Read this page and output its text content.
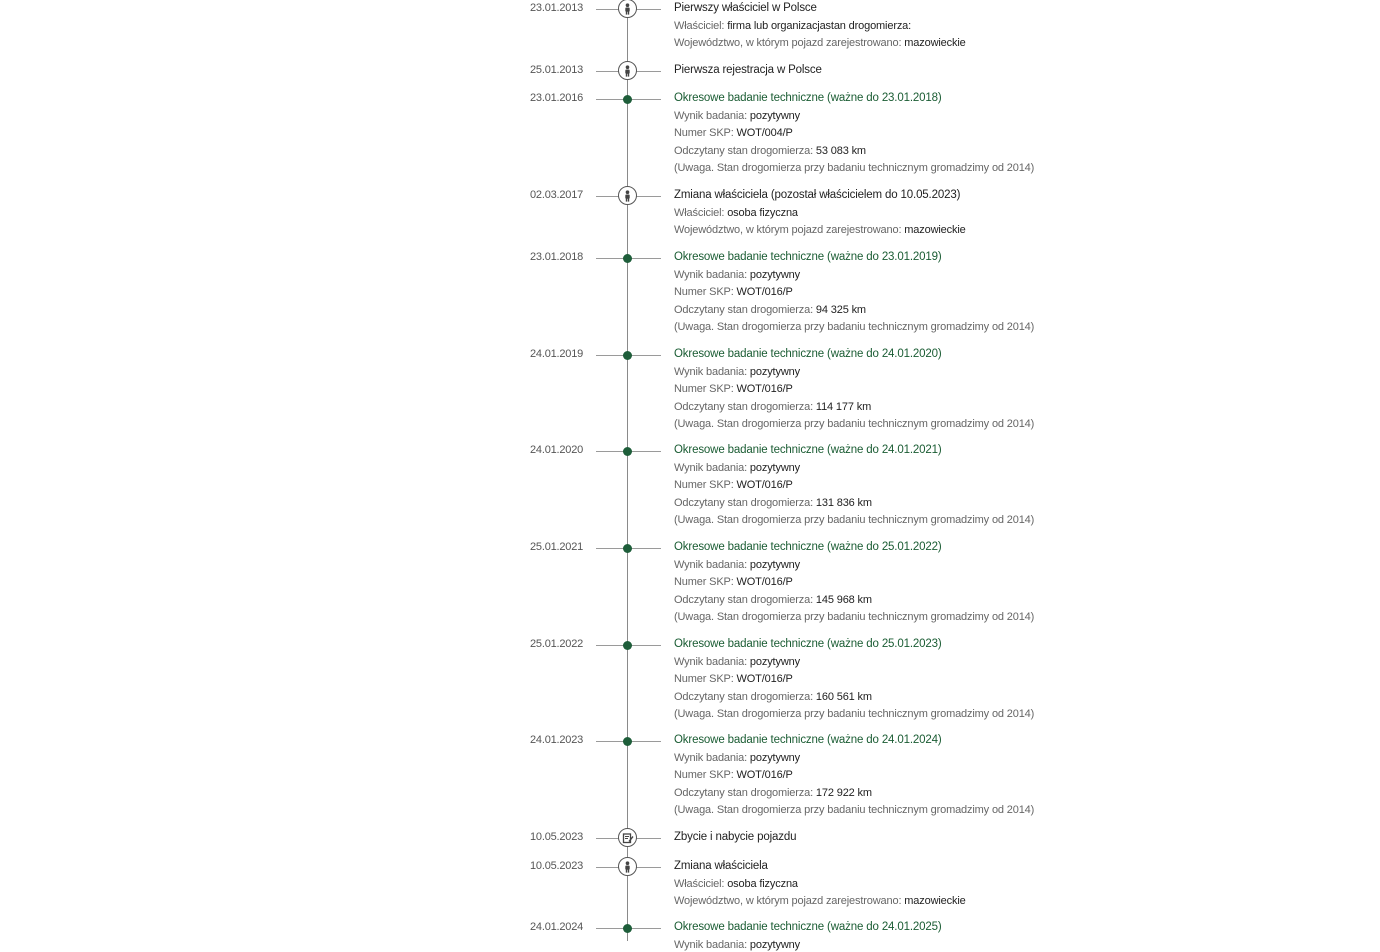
23.01.2013	Pierwszy właściciel w Polsce
Właściciel: firma lub organizacjastan drogomierza:
Województwo, w którym pojazd zarejestrowano: mazowieckie
25.01.2013	Pierwsza rejestracja w Polsce
23.01.2016	Okresowe badanie techniczne (ważne do 23.01.2018)
Wynik badania: pozytywny
Numer SKP: WOT/004/P
Odczytany stan drogomierza: 53 083 km
(Uwaga. Stan drogomierza przy badaniu technicznym gromadzimy od 2014)
02.03.2017	Zmiana właściciela (pozostał właścicielem do 10.05.2023)
Właściciel: osoba fizyczna
Województwo, w którym pojazd zarejestrowano: mazowieckie
23.01.2018	Okresowe badanie techniczne (ważne do 23.01.2019)
Wynik badania: pozytywny
Numer SKP: WOT/016/P
Odczytany stan drogomierza: 94 325 km
(Uwaga. Stan drogomierza przy badaniu technicznym gromadzimy od 2014)
24.01.2019	Okresowe badanie techniczne (ważne do 24.01.2020)
Wynik badania: pozytywny
Numer SKP: WOT/016/P
Odczytany stan drogomierza: 114 177 km
(Uwaga. Stan drogomierza przy badaniu technicznym gromadzimy od 2014)
24.01.2020	Okresowe badanie techniczne (ważne do 24.01.2021)
Wynik badania: pozytywny
Numer SKP: WOT/016/P
Odczytany stan drogomierza: 131 836 km
(Uwaga. Stan drogomierza przy badaniu technicznym gromadzimy od 2014)
25.01.2021	Okresowe badanie techniczne (ważne do 25.01.2022)
Wynik badania: pozytywny
Numer SKP: WOT/016/P
Odczytany stan drogomierza: 145 968 km
(Uwaga. Stan drogomierza przy badaniu technicznym gromadzimy od 2014)
25.01.2022	Okresowe badanie techniczne (ważne do 25.01.2023)
Wynik badania: pozytywny
Numer SKP: WOT/016/P
Odczytany stan drogomierza: 160 561 km
(Uwaga. Stan drogomierza przy badaniu technicznym gromadzimy od 2014)
24.01.2023	Okresowe badanie techniczne (ważne do 24.01.2024)
Wynik badania: pozytywny
Numer SKP: WOT/016/P
Odczytany stan drogomierza: 172 922 km
(Uwaga. Stan drogomierza przy badaniu technicznym gromadzimy od 2014)
10.05.2023	Zbycie i nabycie pojazdu
10.05.2023	Zmiana właściciela
Właściciel: osoba fizyczna
Województwo, w którym pojazd zarejestrowano: mazowieckie
24.01.2024	Okresowe badanie techniczne (ważne do 24.01.2025)
Wynik badania: pozytywny
